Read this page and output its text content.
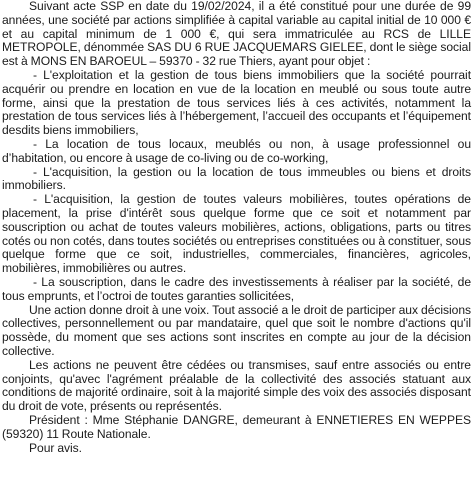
Suivant acte SSP en date du 19/02/2024, il a été constitué pour une durée de 99 années, une société par actions simplifiée à capital variable au capital initial de 10 000 € et au capital minimum de 1 000 €, qui sera immatriculée au RCS de LILLE METROPOLE, dénommée SAS DU 6 RUE JACQUEMARS GIELEE, dont le siège social est à MONS EN BAROEUL – 59370 - 32 rue Thiers, ayant pour objet :

- L'exploitation et la gestion de tous biens immobiliers que la société pourrait acquérir ou prendre en location en vue de la location en meublé ou sous toute autre forme, ainsi que la prestation de tous services liés à ces activités, notamment la prestation de tous services liés à l’hébergement, l’accueil des occupants et l’équipement desdits biens immobiliers,

- La location de tous locaux, meublés ou non, à usage professionnel ou d’habitation, ou encore à usage de co-living ou de co-working,

- L'acquisition, la gestion ou la location de tous immeubles ou biens et droits immobiliers.

- L'acquisition, la gestion de toutes valeurs mobilières, toutes opérations de placement, la prise d'intérêt sous quelque forme que ce soit et notamment par souscription ou achat de toutes valeurs mobilières, actions, obligations, parts ou titres cotés ou non cotés, dans toutes sociétés ou entreprises constituées ou à constituer, sous quelque forme que ce soit, industrielles, commerciales, financières, agricoles, mobilières, immobilières ou autres.

- La souscription, dans le cadre des investissements à réaliser par la société, de tous emprunts, et l’octroi de toutes garanties sollicitées,

Une action donne droit à une voix. Tout associé a le droit de participer aux décisions collectives, personnellement ou par mandataire, quel que soit le nombre d'actions qu'il possède, du moment que ses actions sont inscrites en compte au jour de la décision collective.

Les actions ne peuvent être cédées ou transmises, sauf entre associés ou entre conjoints, qu'avec l'agrément préalable de la collectivité des associés statuant aux conditions de majorité ordinaire, soit à la majorité simple des voix des associés disposant du droit de vote, présents ou représentés.

Président : Mme Stéphanie DANGRE, demeurant à ENNETIERES EN WEPPES (59320) 11 Route Nationale.

Pour avis.
